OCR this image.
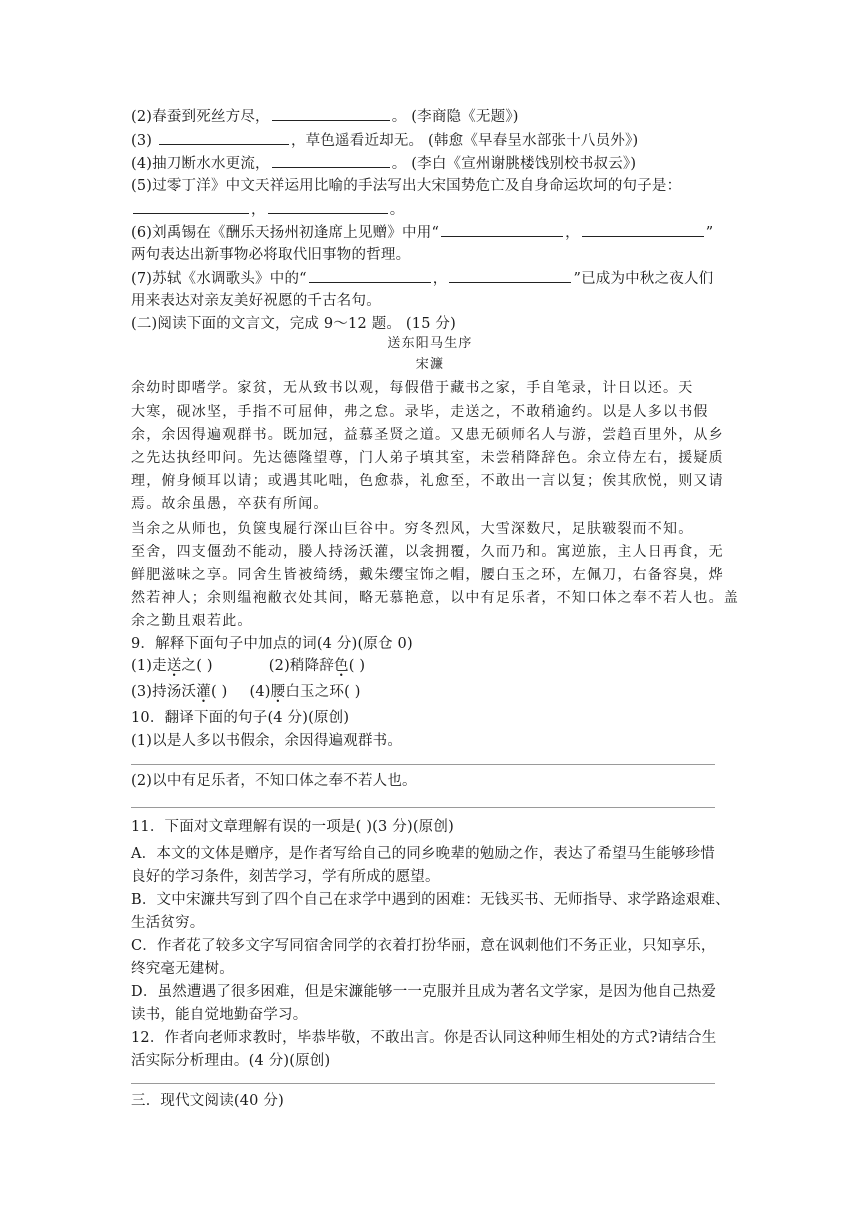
(2)春蚕到死丝方尽，	。 (李商隐《无题》)
(3)	，草色遥看近却无。 (韩愈《早春呈水部张十八员外》)
(4)抽刀断水水更流，	。 (李白《宣州谢朓楼饯别校书叔云》)
(5)过零丁洋》中文天祥运用比喻的手法写出大宋国势危亡及自身命运坎坷的句子是：
，	。
(6)刘禹锡在《酬乐天扬州初逢席上见赠》中用“	，	”
两句表达出新事物必将取代旧事物的哲理。
(7)苏轼《水调歌头》中的“	，	”已成为中秋之夜人们
用来表达对亲友美好祝愿的千古名句。
(二)阅读下面的文言文，完成 9～12 题。 (15 分)
送东阳马生序
宋濂
余幼时即嗜学。家贫，无从致书以观，每假借于藏书之家，手自笔录，计日以还。天
大寒，砚冰坚，手指不可屈伸，弗之怠。录毕，走送之，不敢稍逾约。以是人多以书假
余，余因得遍观群书。既加冠，益慕圣贤之道。又患无硕师名人与游，尝趋百里外，从乡
之先达执经叩问。先达德隆望尊，门人弟子填其室，未尝稍降辞色。余立侍左右，援疑质
理，俯身倾耳以请；或遇其叱咄，色愈恭，礼愈至，不敢出一言以复；俟其欣悦，则又请
焉。故余虽愚，卒获有所闻。
当余之从师也，负箧曳屣行深山巨谷中。穷冬烈风，大雪深数尺，足肤皲裂而不知。
至舍，四支僵劲不能动，媵人持汤沃灌，以衾拥覆，久而乃和。寓逆旅，主人日再食，无
鲜肥滋味之享。同舍生皆被绮绣，戴朱缨宝饰之帽，腰白玉之环，左佩刀，右备容臭，烨
然若神人；余则缊袍敝衣处其间，略无慕艳意，以中有足乐者，不知口体之奉不若人也。盖
余之勤且艰若此。
9．解释下面句子中加点的词(4 分)(原仓 0)
(1)走送之( )	(2)稍降辞色( )
(3)持汤沃灌( ) (4)腰白玉之环( )
10．翻译下面的句子(4 分)(原创)
(1)以是人多以书假余，余因得遍观群书。
(2)以中有足乐者，不知口体之奉不若人也。
11．下面对文章理解有误的一项是( )(3 分)(原创)
A．本文的文体是赠序，是作者写给自己的同乡晚辈的勉励之作，表达了希望马生能够珍惜
良好的学习条件，刻苦学习，学有所成的愿望。
B．文中宋濂共写到了四个自己在求学中遇到的困难：无钱买书、无师指导、求学路途艰难、
生活贫穷。
C．作者花了较多文字写同宿舍同学的衣着打扮华丽，意在讽刺他们不务正业，只知享乐，
终究毫无建树。
D．虽然遭遇了很多困难，但是宋濂能够一一克服并且成为著名文学家，是因为他自己热爱
读书，能自觉地勤奋学习。
12．作者向老师求教时，毕恭毕敬，不敢出言。你是否认同这种师生相处的方式?请结合生
活实际分析理由。(4 分)(原创)
三．现代文阅读(40 分)
